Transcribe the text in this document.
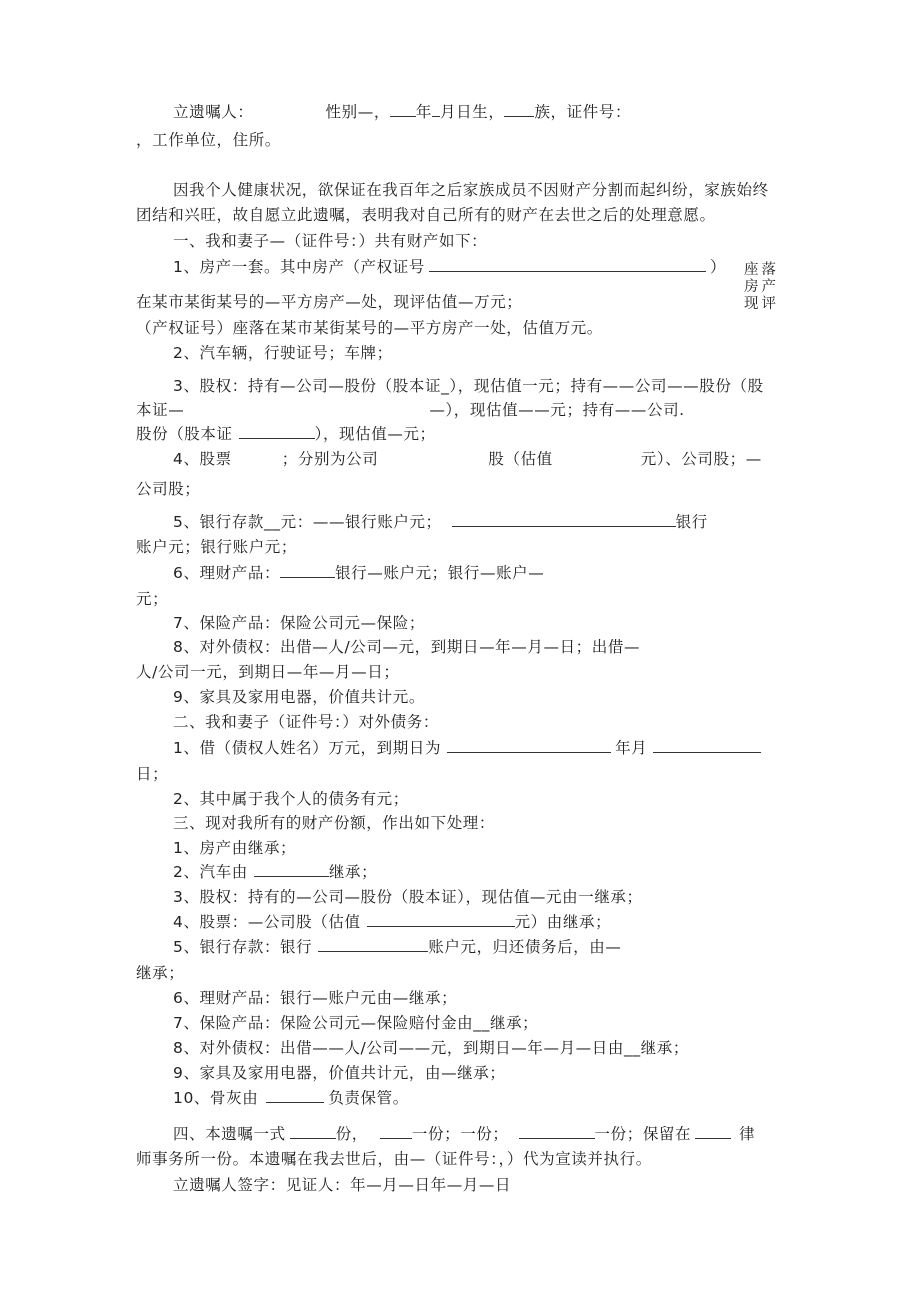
立遗嘱人：	性别—， 年 月日生， 族，证件号：
，工作单位，住所。
因我个人健康状况，欲保证在我百年之后家族成员不因财产分割而起纠纷，家族始终
团结和兴旺，故自愿立此遗嘱，表明我对自己所有的财产在去世之后的处理意愿。
一、我和妻子—（证件号：）共有财产如下：
1、房产一套。其中房产（产权证号	） 座落
房产
现评
在某市某街某号的—平方房产—处，现评估值—万元；
（产权证号）座落在某市某街某号的—平方房产一处，估值万元。
2、汽车辆，行驶证号；车牌；
3、股权：持有—公司—股份（股本证_），现估值一元；持有——公司——股份（股
本证—	—），现估值——元；持有——公司.
股份（股本证	），现估值—元；
4、股票	；分别为公司	股（估值	元）、公司股；—
公司股；
5、银行存款__元：——银行账户元；	银行
账户元；银行账户元；
6、理财产品：	银行—账户元；银行—账户—
元；
7、保险产品：保险公司元—保险；
8、对外债权：出借—人/公司—元，到期日—年—月—日；出借—
人/公司一元，到期日—年—月—日；
9、家具及家用电器，价值共计元。
二、我和妻子（证件号：）对外债务：
1、借（债权人姓名）万元，到期日为	年月
日；
2、其中属于我个人的债务有元；
三、现对我所有的财产份额，作出如下处理：
1、房产由继承；
2、汽车由	继承；
3、股权：持有的—公司—股份（股本证），现估值—元由一继承；
4、股票：—公司股（估值	元）由继承；
5、银行存款：银行	账户元，归还债务后，由—
继承；
6、理财产品：银行—账户元由—继承；
7、保险产品：保险公司元—保险赔付金由__继承；
8、对外债权：出借——人/公司——元，到期日—年—月—日由__继承；
9、家具及家用电器，价值共计元，由—继承；
10、骨灰由	负责保管。
四、本遗嘱一式	份，	一份；一份；	一份；保留在	律
师事务所一份。本遗嘱在我去世后，由—（证件号：，）代为宣读并执行。
立遗嘱人签字：见证人：年—月—日年—月—日
